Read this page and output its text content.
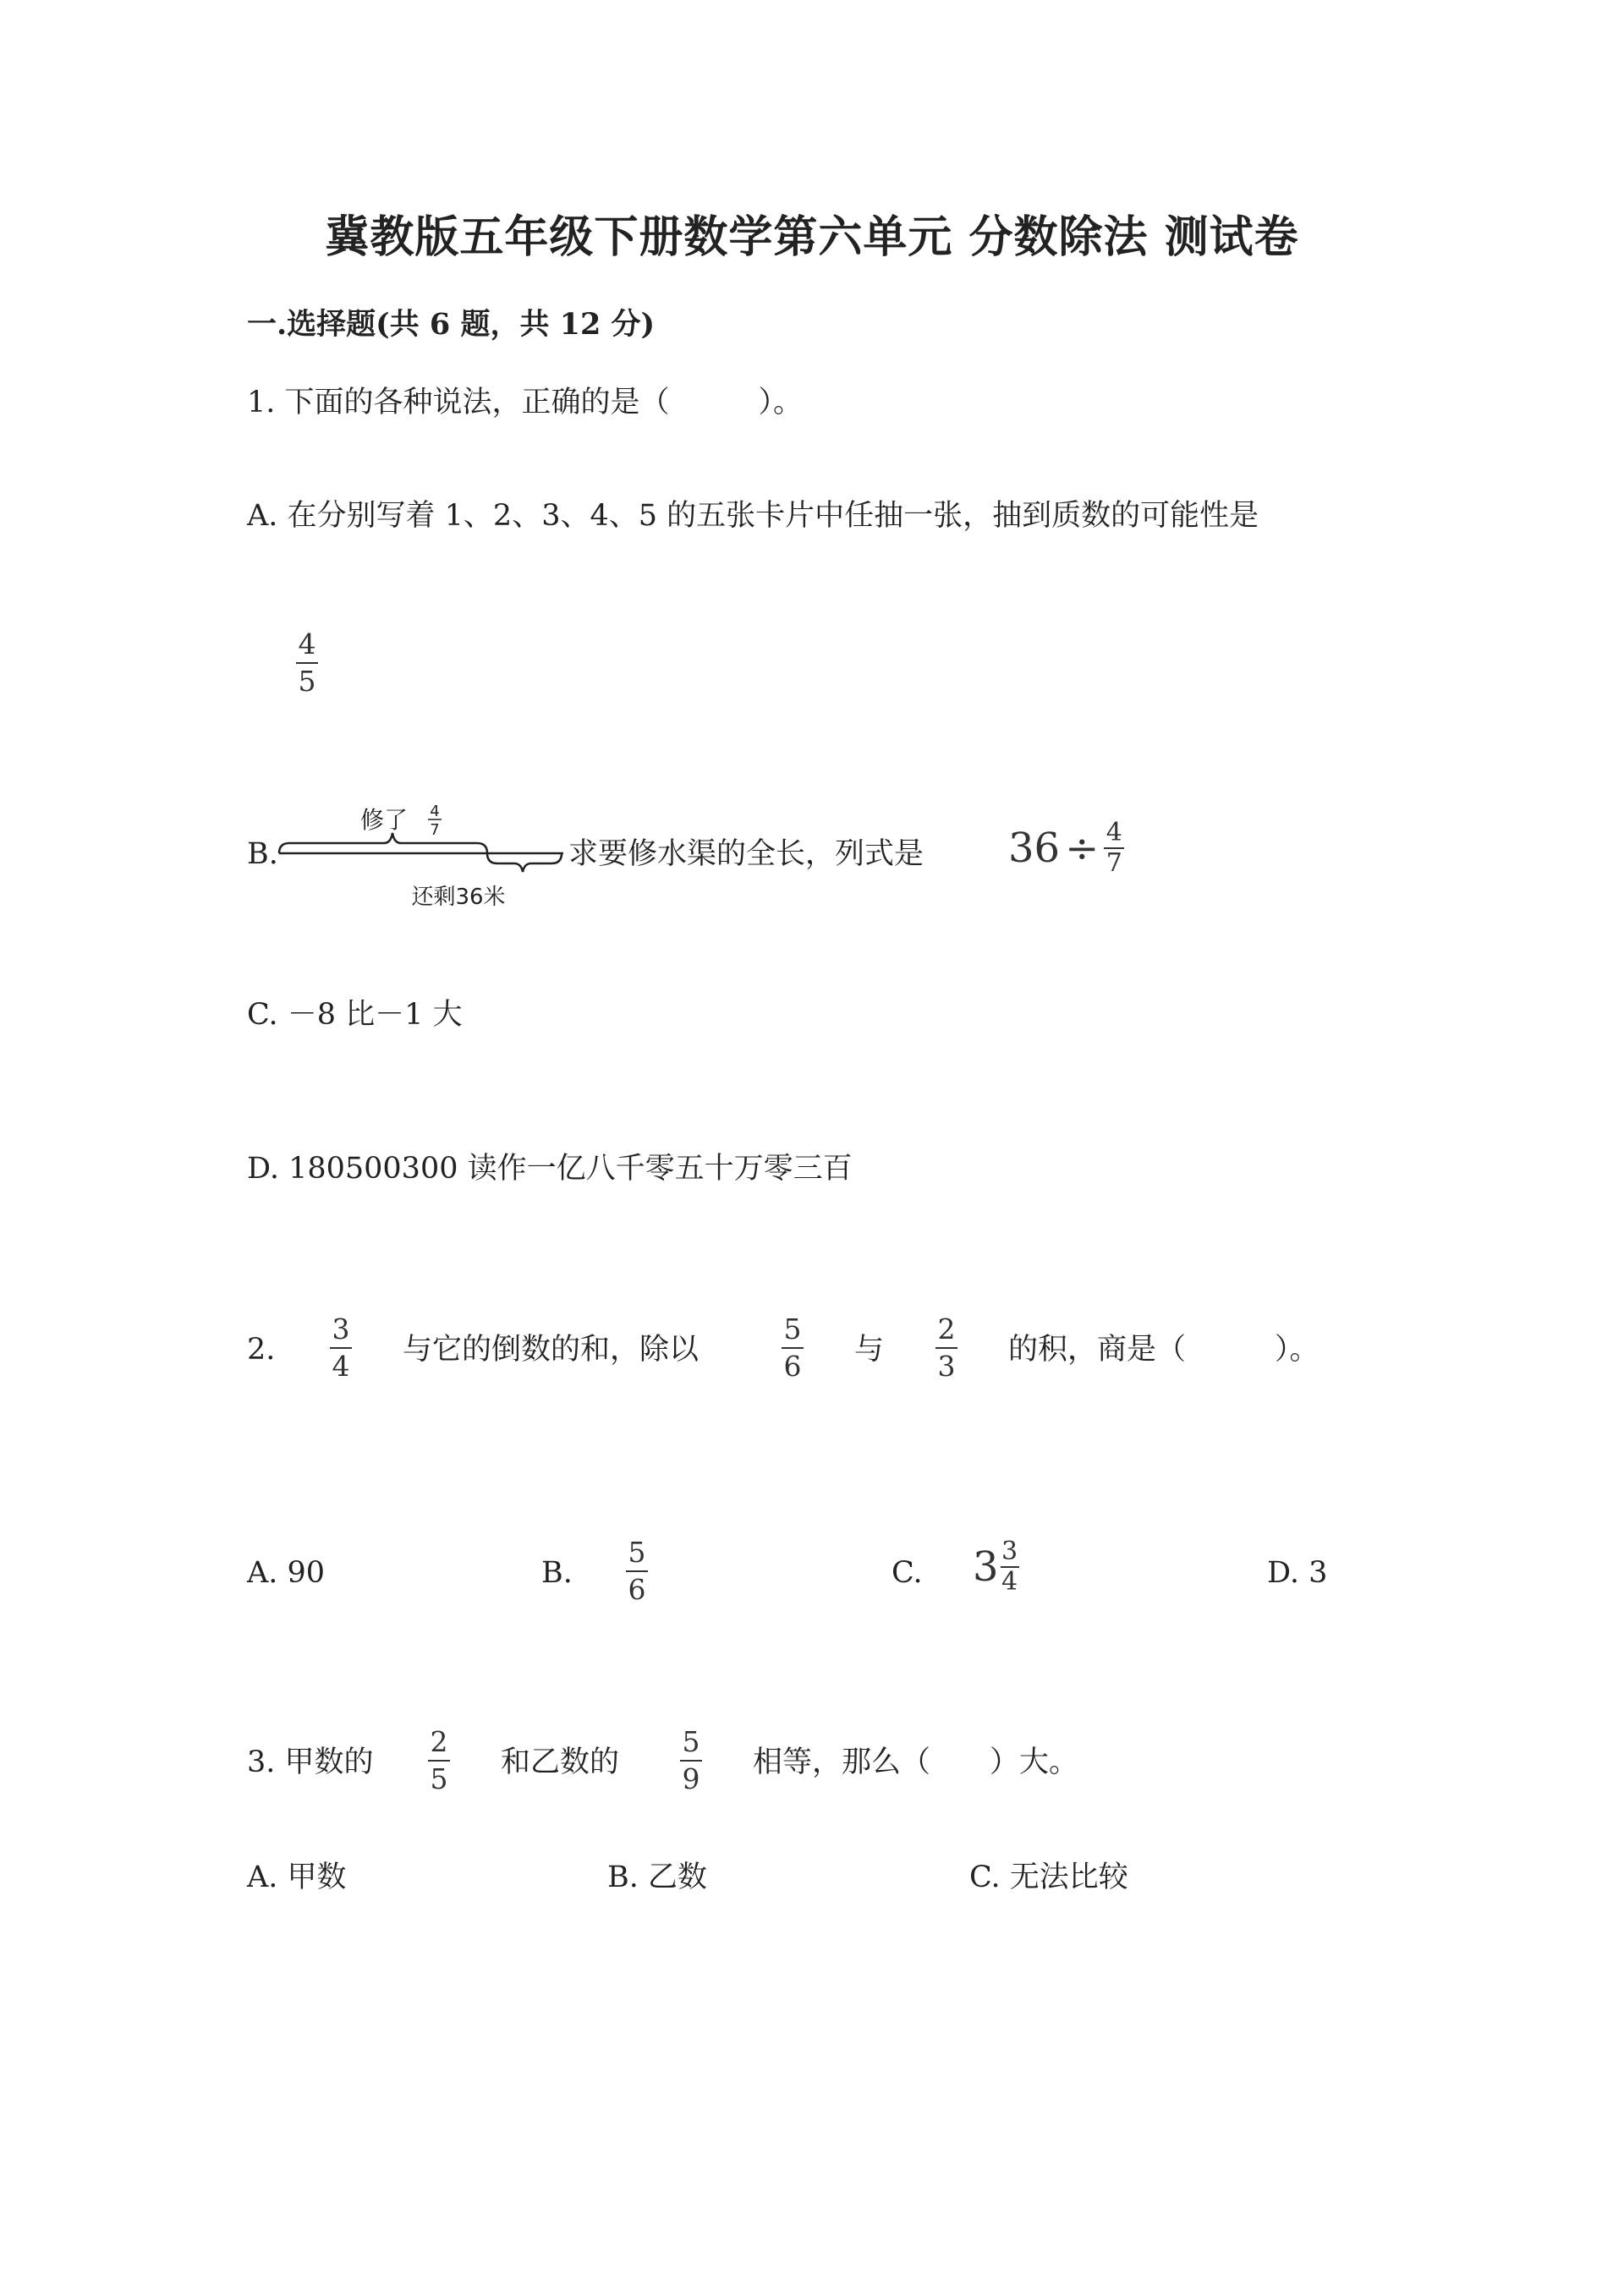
冀教版五年级下册数学第六单元 分数除法 测试卷
一.选择题(共 6 题，共 12 分)
1. 下面的各种说法，正确的是（　　　）。
A. 在分别写着 1、2、3、4、5 的五张卡片中任抽一张，抽到质数的可能性是
4
5
B.
修了 4
7
还剩36米
求要修水渠的全长，列式是 36 ÷ 4
7
C. －8 比－1 大
D. 180500300 读作一亿八千零五十万零三百
2.
3
4 与它的倒数的和，除以
5
6 与
2
3 的积，商是（　　　）。
A. 90	B.
5
6	C. 3 3
4	D. 3
3. 甲数的
2
5 和乙数的
5
9 相等，那么（　　）大。
A. 甲数	B. 乙数	C. 无法比较
